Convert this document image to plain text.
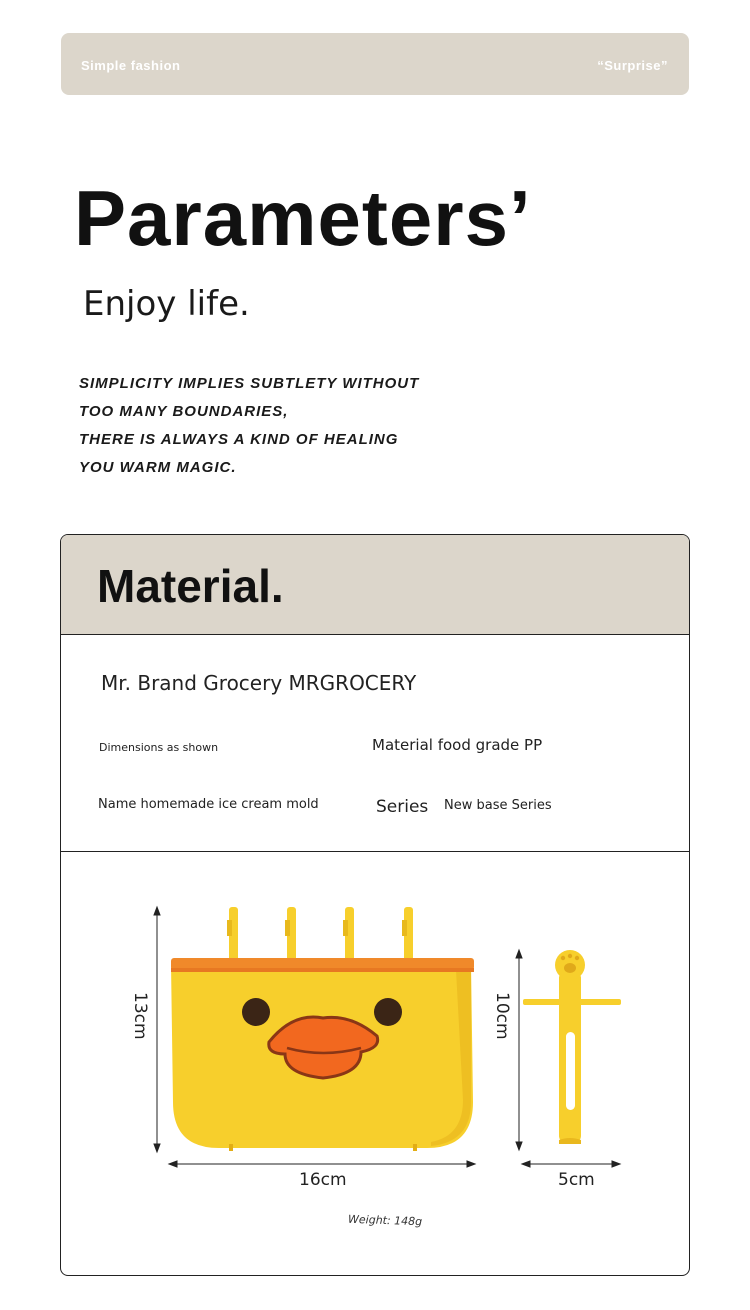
Simple fashion	“Surprise”
Parameters’

Enjoy life.

SIMPLICITY IMPLIES SUBTLETY WITHOUT
TOO MANY BOUNDARIES,
THERE IS ALWAYS A KIND OF HEALING
YOU WARM MAGIC.
Material.
Mr. Brand Grocery MRGROCERY
Dimensions as shown	Material food grade PP
Name homemade ice cream mold	Series New base Series
13cm	10cm
16cm	5cm
Weight: 148g
